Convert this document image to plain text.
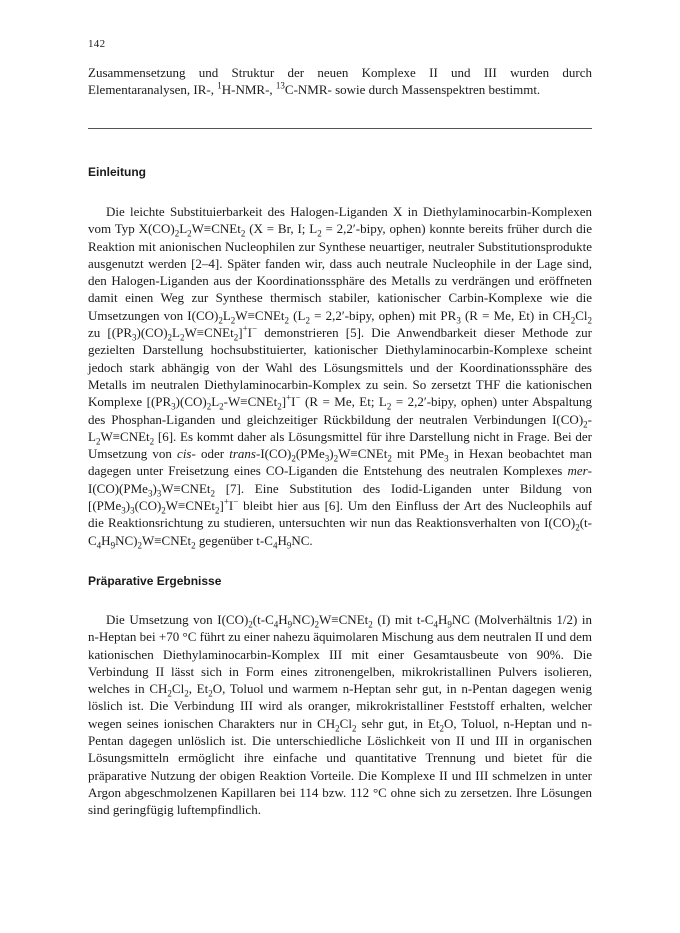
142
Zusammensetzung und Struktur der neuen Komplexe II und III wurden durch Elementaranalysen, IR-, $^1$H-NMR-, $^{13}$C-NMR- sowie durch Massenspektren bestimmt.
Einleitung

Die leichte Substituierbarkeit des Halogen-Liganden X in Diethylaminocarbin-Komplexen vom Typ $X(CO)_2L_2W\equiv CNEt_2$ (X = Br, I; $L_2$ = 2,2′-bipy, ophen) konnte bereits früher durch die Reaktion mit anionischen Nucleophilen zur Synthese neuartiger, neutraler Substitutionsprodukte ausgenutzt werden [2–4]. Später fanden wir, dass auch neutrale Nucleophile in der Lage sind, den Halogen-Liganden aus der Koordinationssphäre des Metalls zu verdrängen und eröffneten damit einen Weg zur Synthese thermisch stabiler, kationischer Carbin-Komplexe wie die Umsetzungen von $I(CO)_2L_2W\equiv CNEt_2$ ($L_2$ = 2,2′-bipy, ophen) mit $PR_3$ (R = Me, Et) in $CH_2Cl_2$ zu $[(PR_3)(CO)_2L_2W\equiv CNEt_2]^+I^-$ demonstrieren [5]. Die Anwendbarkeit dieser Methode zur gezielten Darstellung hochsubstituierter, kationischer Diethylaminocarbin-Komplexe scheint jedoch stark abhängig von der Wahl des Lösungsmittels und der Koordinationssphäre des Metalls im neutralen Diethylaminocarbin-Komplex zu sein. So zersetzt THF die kationischen Komplexe $[(PR_3)(CO)_2L_2-W\equiv CNEt_2]^+I^-$ (R = Me, Et; $L_2$ = 2,2′-bipy, ophen) unter Abspaltung des Phosphan-Liganden und gleichzeitiger Rückbildung der neutralen Verbindungen $I(CO)_2-L_2W\equiv CNEt_2$ [6]. Es kommt daher als Lösungsmittel für ihre Darstellung nicht in Frage. Bei der Umsetzung von cis- oder trans-$I(CO)_2(PMe_3)_2W\equiv CNEt_2$ mit PMe$_3$ in Hexan beobachtet man dagegen unter Freisetzung eines CO-Liganden die Entstehung des neutralen Komplexes mer-$I(CO)(PMe_3)_3W\equiv CNEt_2$ [7]. Eine Substitution des Iodid-Liganden unter Bildung von $[(PMe_3)_3(CO)_2W\equiv CNEt_2]^+I^-$ bleibt hier aus [6]. Um den Einfluss der Art des Nucleophils auf die Reaktionsrichtung zu studieren, untersuchten wir nun das Reaktionsverhalten von $I(CO)_2(t-C_4H_9NC)_2W\equiv CNEt_2$ gegenüber $t-C_4H_9NC$.

Präparative Ergebnisse

Die Umsetzung von $I(CO)_2(t-C_4H_9NC)_2W\equiv CNEt_2$ (I) mit $t-C_4H_9NC$ (Molverhältnis 1/2) in n-Heptan bei +70 °C führt zu einer nahezu äquimolaren Mischung aus dem neutralen II und dem kationischen Diethylaminocarbin-Komplex III mit einer Gesamtausbeute von 90%. Die Verbindung II lässt sich in Form eines zitronengelben, mikrokristallinen Pulvers isolieren, welches in $CH_2Cl_2$, $Et_2O$, Toluol und warmem n-Heptan sehr gut, in n-Pentan dagegen wenig löslich ist. Die Verbindung III wird als oranger, mikrokristalliner Feststoff erhalten, welcher wegen seines ionischen Charakters nur in $CH_2Cl_2$ sehr gut, in $Et_2O$, Toluol, n-Heptan und n-Pentan dagegen unlöslich ist. Die unterschiedliche Löslichkeit von II und III in organischen Lösungsmitteln ermöglicht ihre einfache und quantitative Trennung und bietet für die präparative Nutzung der obigen Reaktion Vorteile. Die Komplexe II und III schmelzen in unter Argon abgeschmolzenen Kapillaren bei 114 bzw. 112 °C ohne sich zu zersetzen. Ihre Lösungen sind geringfügig luftempfindlich.
